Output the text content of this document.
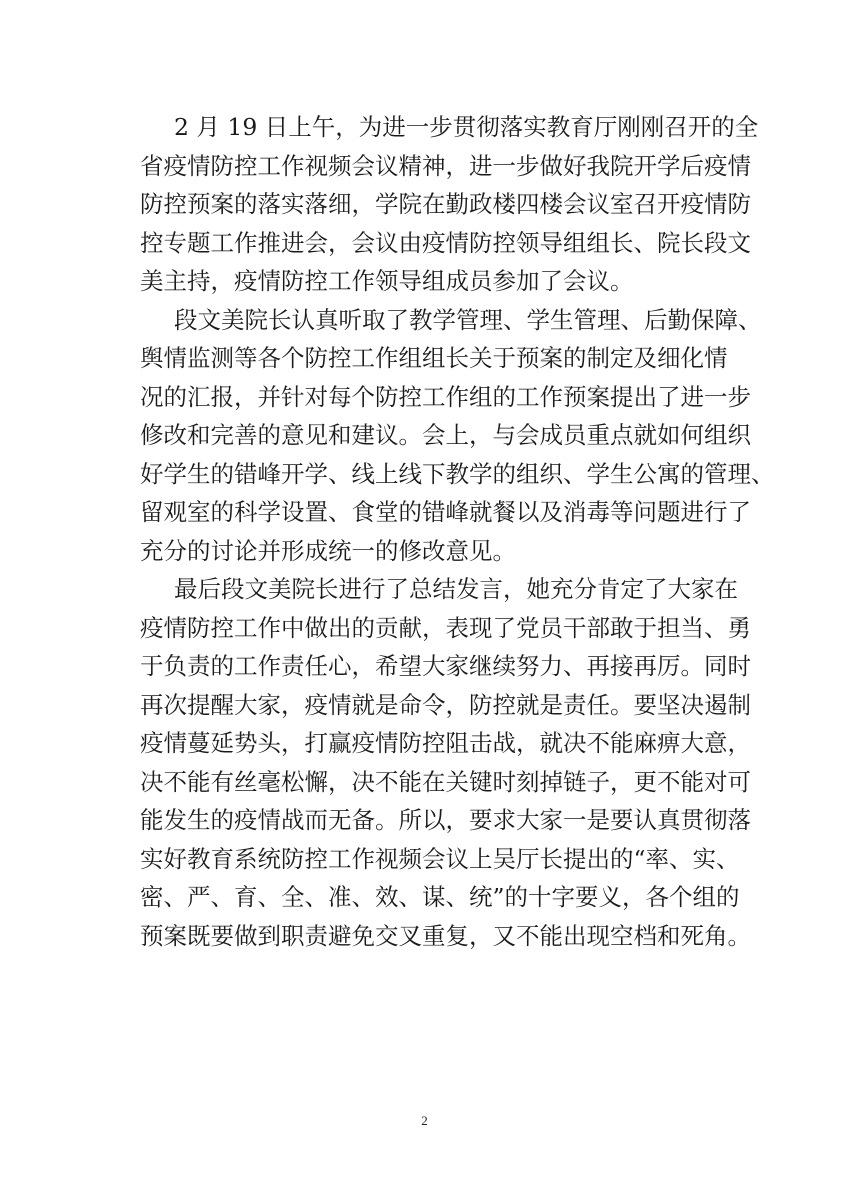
2 月 19 日上午，为进一步贯彻落实教育厅刚刚召开的全
省疫情防控工作视频会议精神，进一步做好我院开学后疫情
防控预案的落实落细，学院在勤政楼四楼会议室召开疫情防
控专题工作推进会，会议由疫情防控领导组组长、院长段文
美主持，疫情防控工作领导组成员参加了会议。
段文美院长认真听取了教学管理、学生管理、后勤保障、
舆情监测等各个防控工作组组长关于预案的制定及细化情
况的汇报，并针对每个防控工作组的工作预案提出了进一步
修改和完善的意见和建议。会上，与会成员重点就如何组织
好学生的错峰开学、线上线下教学的组织、学生公寓的管理、
留观室的科学设置、食堂的错峰就餐以及消毒等问题进行了
充分的讨论并形成统一的修改意见。
最后段文美院长进行了总结发言，她充分肯定了大家在
疫情防控工作中做出的贡献，表现了党员干部敢于担当、勇
于负责的工作责任心，希望大家继续努力、再接再厉。同时
再次提醒大家，疫情就是命令，防控就是责任。要坚决遏制
疫情蔓延势头，打赢疫情防控阻击战，就决不能麻痹大意，
决不能有丝毫松懈，决不能在关键时刻掉链子，更不能对可
能发生的疫情战而无备。所以，要求大家一是要认真贯彻落
实好教育系统防控工作视频会议上吴厅长提出的“率、实、
密、严、育、全、准、效、谋、统”的十字要义，各个组的
预案既要做到职责避免交叉重复，又不能出现空档和死角。
2
